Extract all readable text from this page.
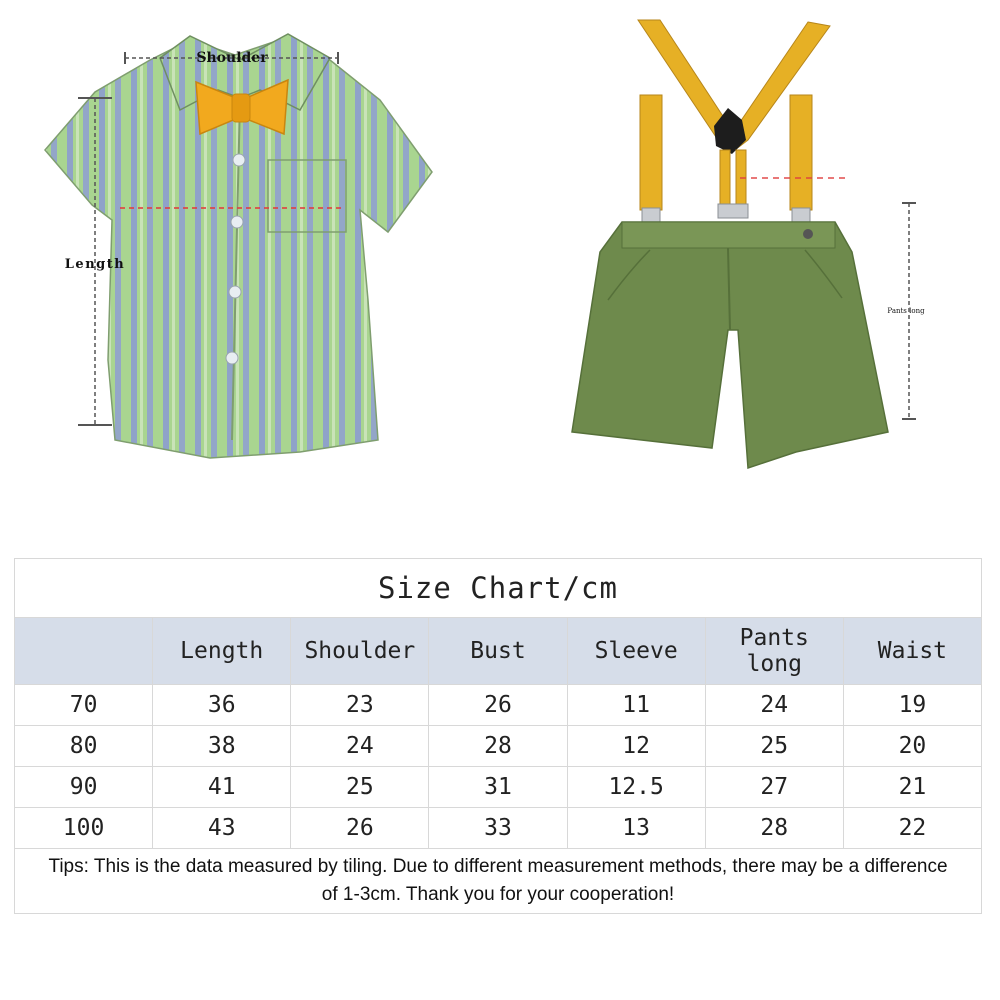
Shoulder
Length
Pants long
Size Chart/cm						
	Length	Shoulder	Bust	Sleeve	Pants long	Waist
70	36	23	26	11	24	19
80	38	24	28	12	25	20
90	41	25	31	12.5	27	21
100	43	26	33	13	28	22
Tips: This is the data measured by tiling. Due to different measurement methods, there may be a difference of 1-3cm. Thank you for your cooperation!						
